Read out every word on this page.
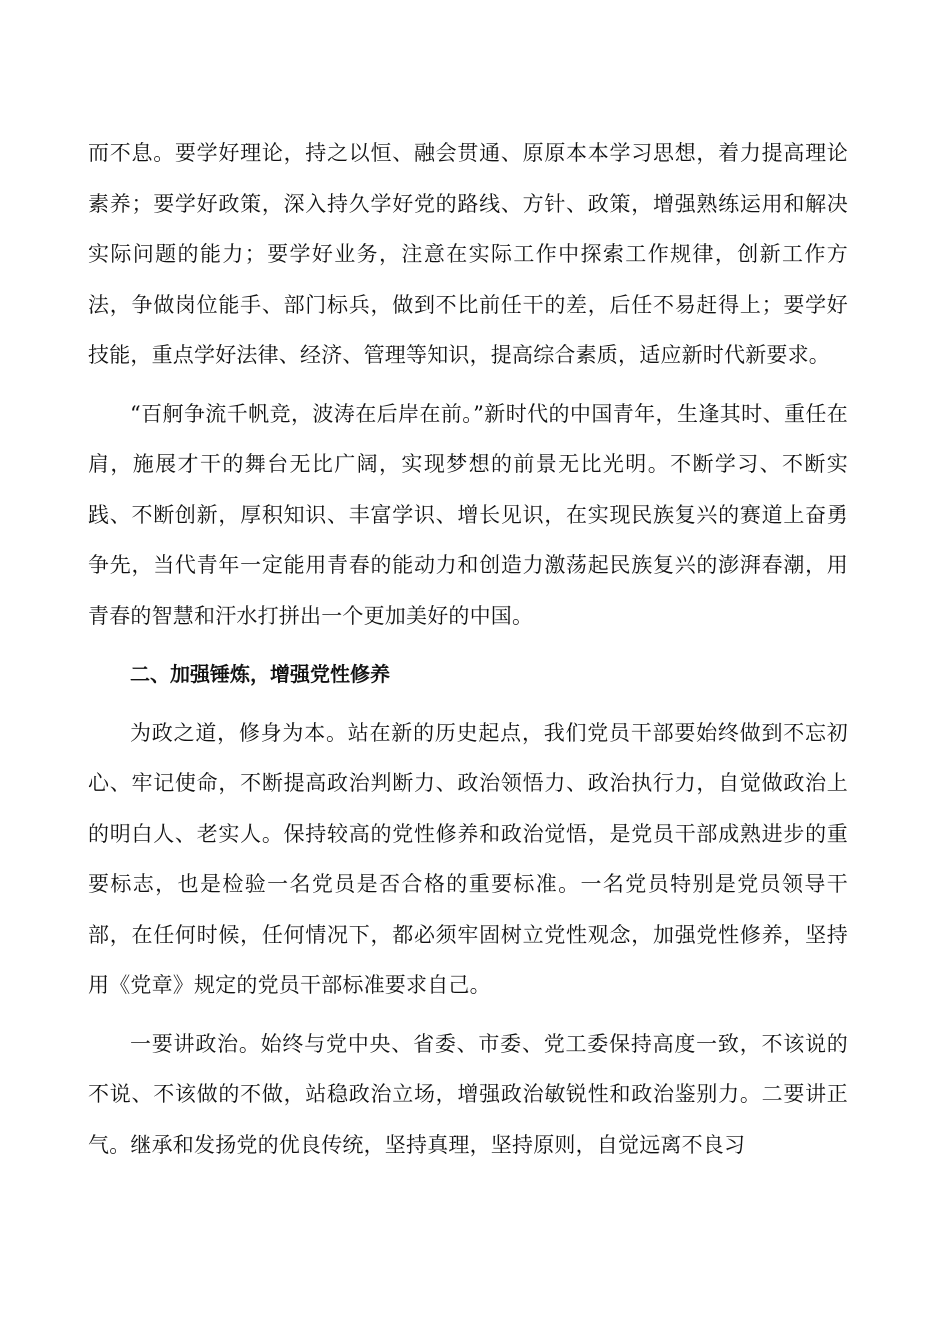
而不息。要学好理论，持之以恒、融会贯通、原原本本学习思想，着力提高理论素养；要学好政策，深入持久学好党的路线、方针、政策，增强熟练运用和解决实际问题的能力；要学好业务，注意在实际工作中探索工作规律，创新工作方法，争做岗位能手、部门标兵，做到不比前任干的差，后任不易赶得上；要学好技能，重点学好法律、经济、管理等知识，提高综合素质，适应新时代新要求。

“百舸争流千帆竞，波涛在后岸在前。”新时代的中国青年，生逢其时、重任在肩，施展才干的舞台无比广阔，实现梦想的前景无比光明。不断学习、不断实践、不断创新，厚积知识、丰富学识、增长见识，在实现民族复兴的赛道上奋勇争先，当代青年一定能用青春的能动力和创造力激荡起民族复兴的澎湃春潮，用青春的智慧和汗水打拼出一个更加美好的中国。

二、加强锤炼，增强党性修养

为政之道，修身为本。站在新的历史起点，我们党员干部要始终做到不忘初心、牢记使命，不断提高政治判断力、政治领悟力、政治执行力，自觉做政治上的明白人、老实人。保持较高的党性修养和政治觉悟，是党员干部成熟进步的重要标志，也是检验一名党员是否合格的重要标准。一名党员特别是党员领导干部，在任何时候，任何情况下，都必须牢固树立党性观念，加强党性修养，坚持用《党章》规定的党员干部标准要求自己。

一要讲政治。始终与党中央、省委、市委、党工委保持高度一致，不该说的不说、不该做的不做，站稳政治立场，增强政治敏锐性和政治鉴别力。二要讲正气。继承和发扬党的优良传统，坚持真理，坚持原则，自觉远离不良习
